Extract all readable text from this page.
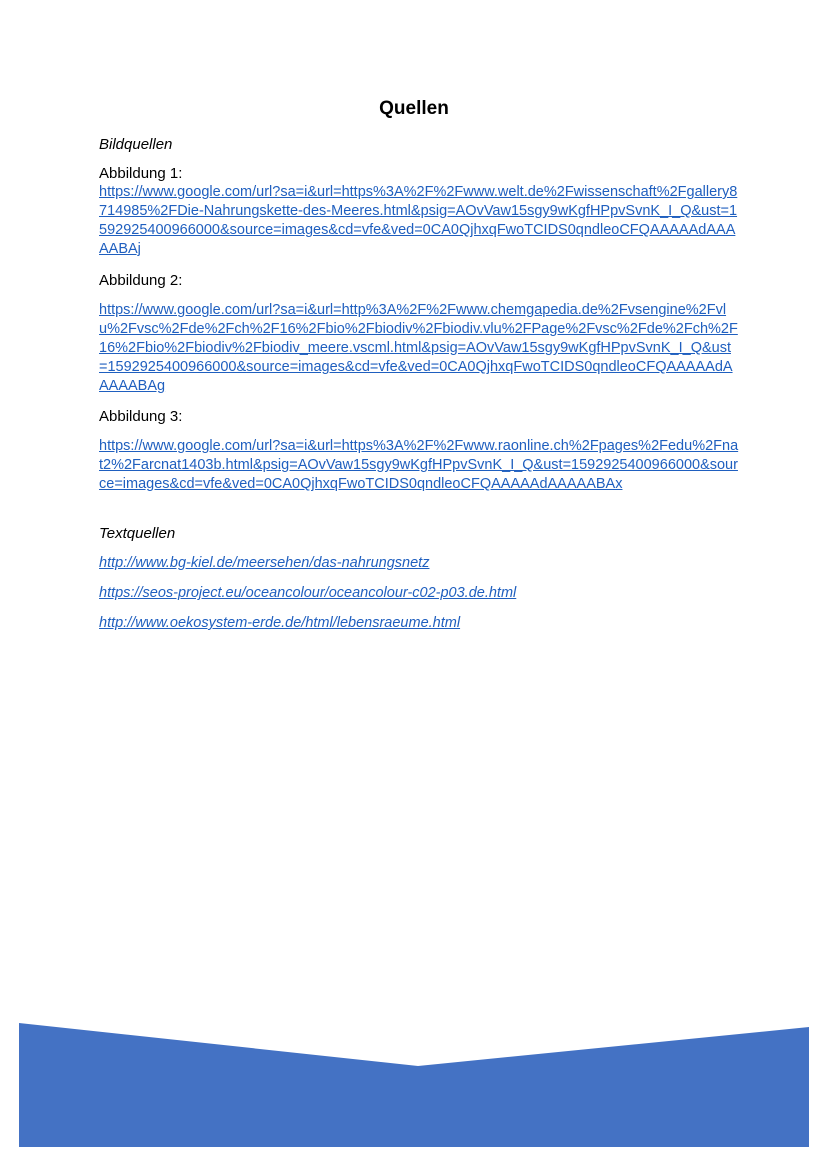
Quellen
Bildquellen
Abbildung 1:
https://www.google.com/url?sa=i&url=https%3A%2F%2Fwww.welt.de%2Fwissenschaft%2Fgallery8714985%2FDie-Nahrungskette-des-Meeres.html&psig=AOvVaw15sgy9wKgfHPpvSvnK_I_Q&ust=1592925400966000&source=images&cd=vfe&ved=0CA0QjhxqFwoTCIDS0qndleoCFQAAAAAdAAAAABAj
Abbildung 2:
https://www.google.com/url?sa=i&url=http%3A%2F%2Fwww.chemgapedia.de%2Fvsengine%2Fvlu%2Fvsc%2Fde%2Fch%2F16%2Fbio%2Fbiodiv%2Fbiodiv.vlu%2FPage%2Fvsc%2Fde%2Fch%2F16%2Fbio%2Fbiodiv%2Fbiodiv_meere.vscml.html&psig=AOvVaw15sgy9wKgfHPpvSvnK_I_Q&ust=1592925400966000&source=images&cd=vfe&ved=0CA0QjhxqFwoTCIDS0qndleoCFQAAAAAdAAAAABAg
Abbildung 3:
https://www.google.com/url?sa=i&url=https%3A%2F%2Fwww.raonline.ch%2Fpages%2Fedu%2Fnat2%2Farcnat1403b.html&psig=AOvVaw15sgy9wKgfHPpvSvnK_I_Q&ust=1592925400966000&source=images&cd=vfe&ved=0CA0QjhxqFwoTCIDS0qndleoCFQAAAAAdAAAAABAx
Textquellen
http://www.bg-kiel.de/meersehen/das-nahrungsnetz
https://seos-project.eu/oceancolour/oceancolour-c02-p03.de.html
http://www.oekosystem-erde.de/html/lebensraeume.html
